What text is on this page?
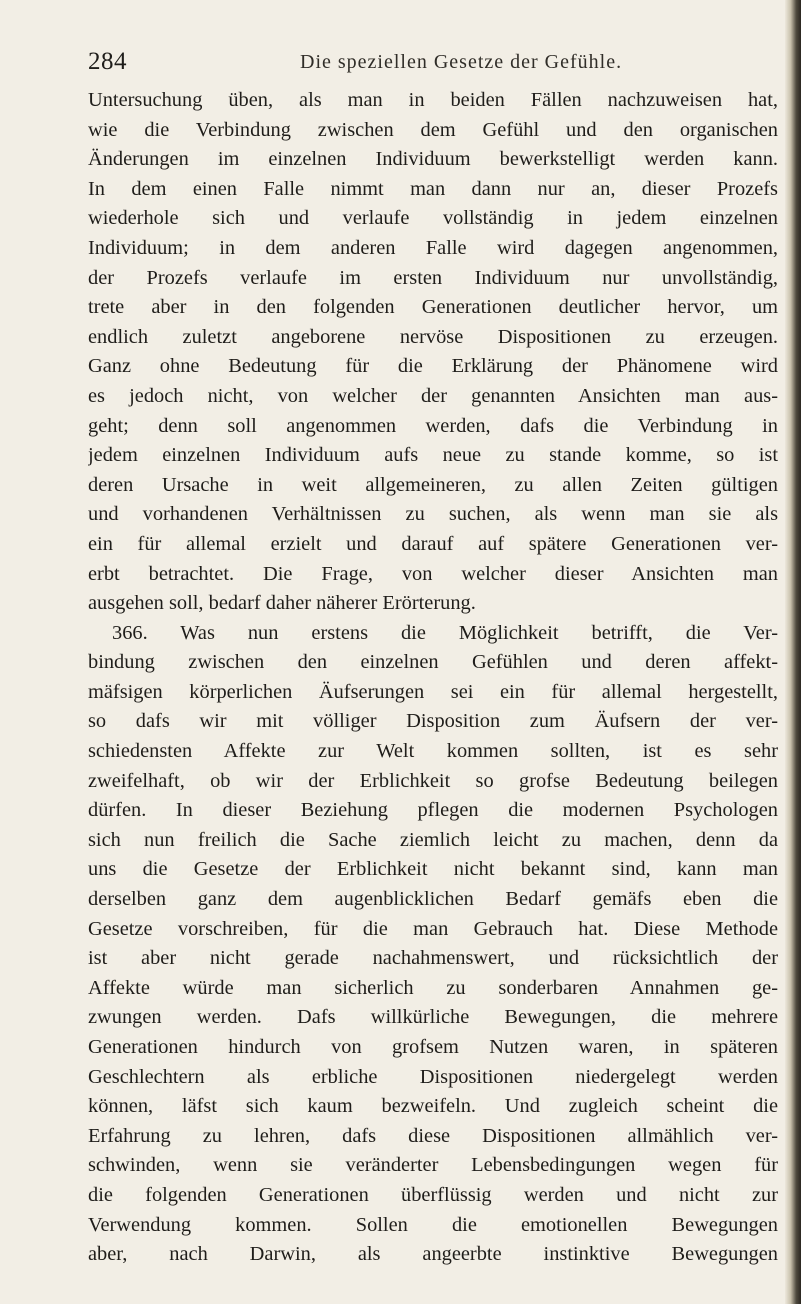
284	Die speziellen Gesetze der Gefühle.
Untersuchung üben, als man in beiden Fällen nachzuweisen hat,
wie die Verbindung zwischen dem Gefühl und den organischen
Änderungen im einzelnen Individuum bewerkstelligt werden kann.
In dem einen Falle nimmt man dann nur an, dieser Prozefs
wiederhole sich und verlaufe vollständig in jedem einzelnen
Individuum; in dem anderen Falle wird dagegen angenommen,
der Prozefs verlaufe im ersten Individuum nur unvollständig,
trete aber in den folgenden Generationen deutlicher hervor, um
endlich zuletzt angeborene nervöse Dispositionen zu erzeugen.
Ganz ohne Bedeutung für die Erklärung der Phänomene wird
es jedoch nicht, von welcher der genannten Ansichten man aus-
geht; denn soll angenommen werden, dafs die Verbindung in
jedem einzelnen Individuum aufs neue zu stande komme, so ist
deren Ursache in weit allgemeineren, zu allen Zeiten gültigen
und vorhandenen Verhältnissen zu suchen, als wenn man sie als
ein für allemal erzielt und darauf auf spätere Generationen ver-
erbt betrachtet. Die Frage, von welcher dieser Ansichten man
ausgehen soll, bedarf daher näherer Erörterung.
366. Was nun erstens die Möglichkeit betrifft, die Ver-
bindung zwischen den einzelnen Gefühlen und deren affekt-
mäfsigen körperlichen Äufserungen sei ein für allemal hergestellt,
so dafs wir mit völliger Disposition zum Äufsern der ver-
schiedensten Affekte zur Welt kommen sollten, ist es sehr
zweifelhaft, ob wir der Erblichkeit so grofse Bedeutung beilegen
dürfen. In dieser Beziehung pflegen die modernen Psychologen
sich nun freilich die Sache ziemlich leicht zu machen, denn da
uns die Gesetze der Erblichkeit nicht bekannt sind, kann man
derselben ganz dem augenblicklichen Bedarf gemäfs eben die
Gesetze vorschreiben, für die man Gebrauch hat. Diese Methode
ist aber nicht gerade nachahmenswert, und rücksichtlich der
Affekte würde man sicherlich zu sonderbaren Annahmen ge-
zwungen werden. Dafs willkürliche Bewegungen, die mehrere
Generationen hindurch von grofsem Nutzen waren, in späteren
Geschlechtern als erbliche Dispositionen niedergelegt werden
können, läfst sich kaum bezweifeln. Und zugleich scheint die
Erfahrung zu lehren, dafs diese Dispositionen allmählich ver-
schwinden, wenn sie veränderter Lebensbedingungen wegen für
die folgenden Generationen überflüssig werden und nicht zur
Verwendung kommen. Sollen die emotionellen Bewegungen
aber, nach Darwin, als angeerbte instinktive Bewegungen
